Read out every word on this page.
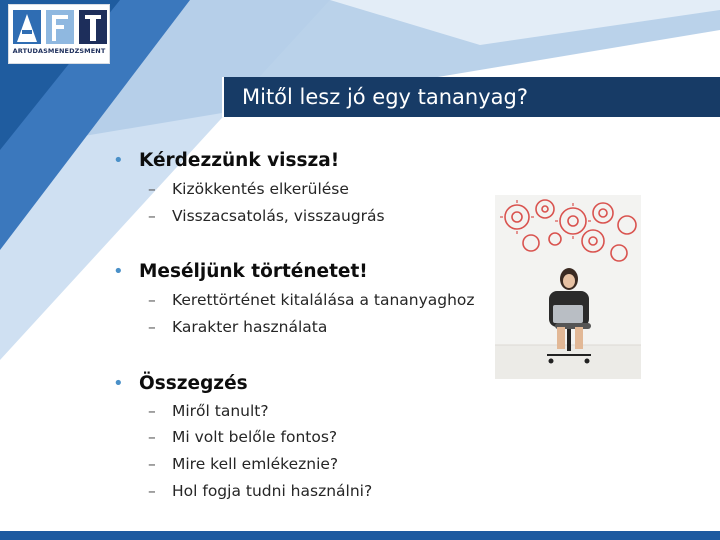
ARTUDASMENEDZSMENT
Mitől lesz jó egy tananyag?
• Kérdezzünk vissza!
– Kizökkentés elkerülése
– Visszacsatolás, visszaugrás
• Meséljünk történetet!
– Kerettörténet kitalálása a tananyaghoz
– Karakter használata
• Összegzés
– Miről tanult?
– Mi volt belőle fontos?
– Mire kell emlékeznie?
– Hol fogja tudni használni?
